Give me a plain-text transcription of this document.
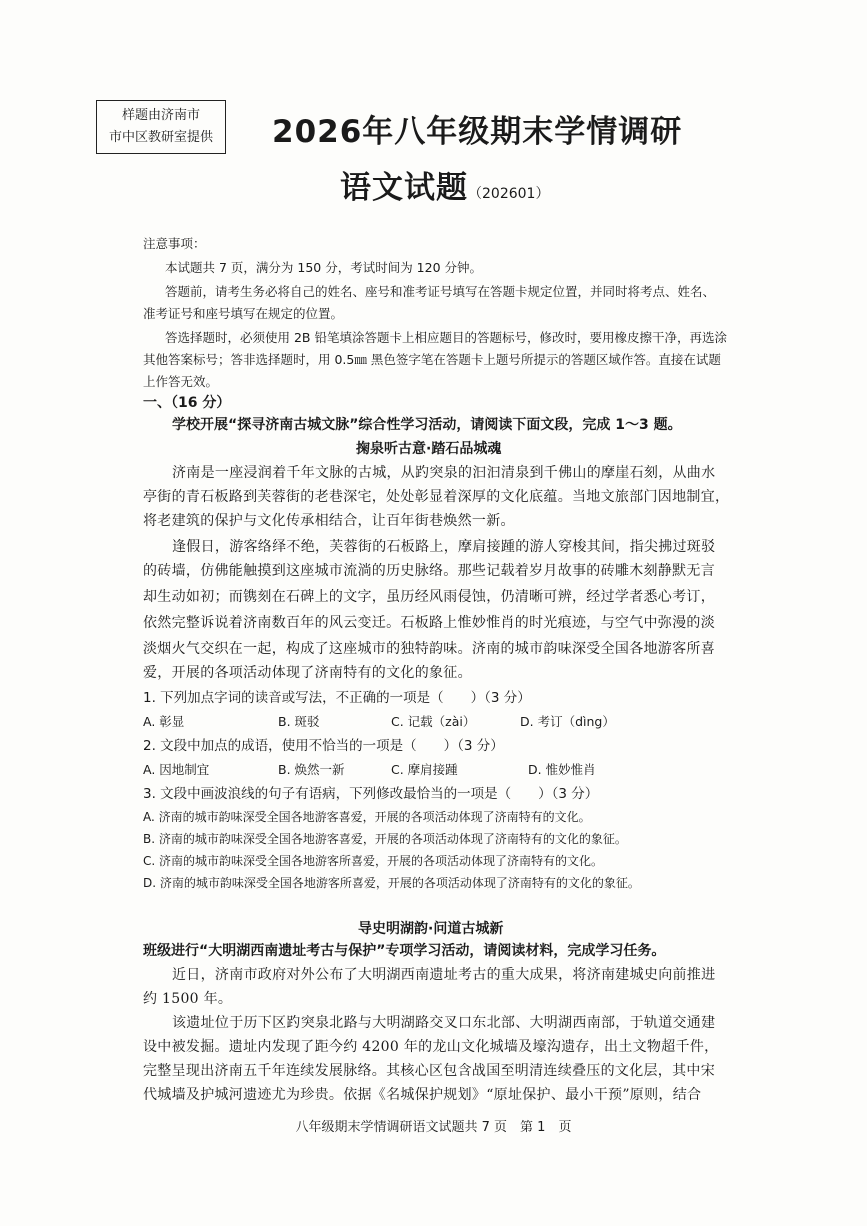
样题由济南市
市中区教研室提供	2026年八年级期末学情调研
语文试题（202601）
注意事项：
本试题共 7 页，满分为 150 分，考试时间为 120 分钟。
答题前，请考生务必将自己的姓名、座号和准考证号填写在答题卡规定位置，并同时将考点、姓名、
准考证号和座号填写在规定的位置。
答选择题时，必须使用 2B 铅笔填涂答题卡上相应题目的答题标号，修改时，要用橡皮擦干净，再选涂
其他答案标号；答非选择题时，用 0.5㎜ 黑色签字笔在答题卡上题号所提示的答题区域作答。直接在试题
上作答无效。
一、（16 分）
学校开展“探寻济南古城文脉”综合性学习活动，请阅读下面文段，完成 1～3 题。
掬泉听古意·踏石品城魂
济南是一座浸润着千年文脉的古城，从趵突泉的汩汩清泉到千佛山的摩崖石刻，从曲水
亭街的青石板路到芙蓉街的老巷深宅，处处彰显着深厚的文化底蕴。当地文旅部门因地制宜，
将老建筑的保护与文化传承相结合，让百年街巷焕然一新。
逢假日，游客络绎不绝，芙蓉街的石板路上，摩肩接踵的游人穿梭其间，指尖拂过斑驳
的砖墙，仿佛能触摸到这座城市流淌的历史脉络。那些记载着岁月故事的砖雕木刻静默无言
却生动如初；而镌刻在石碑上的文字，虽历经风雨侵蚀，仍清晰可辨，经过学者悉心考订，
依然完整诉说着济南数百年的风云变迁。石板路上惟妙惟肖的时光痕迹，与空气中弥漫的淡
淡烟火气交织在一起，构成了这座城市的独特韵味。济南的城市韵味深受全国各地游客所喜
爱，开展的各项活动体现了济南特有的文化的象征。
1. 下列加点字词的读音或写法，不正确的一项是（　　）（3 分）
A. 彰显	B. 斑驳	C. 记载（zài）	D. 考订（dìng）
2. 文段中加点的成语，使用不恰当的一项是（　　）（3 分）
A. 因地制宜	B. 焕然一新	C. 摩肩接踵	D. 惟妙惟肖
3. 文段中画波浪线的句子有语病，下列修改最恰当的一项是（　　）（3 分）
A. 济南的城市韵味深受全国各地游客喜爱，开展的各项活动体现了济南特有的文化。
B. 济南的城市韵味深受全国各地游客喜爱，开展的各项活动体现了济南特有的文化的象征。
C. 济南的城市韵味深受全国各地游客所喜爱，开展的各项活动体现了济南特有的文化。
D. 济南的城市韵味深受全国各地游客所喜爱，开展的各项活动体现了济南特有的文化的象征。
导史明湖韵·问道古城新
班级进行“大明湖西南遗址考古与保护”专项学习活动，请阅读材料，完成学习任务。
近日，济南市政府对外公布了大明湖西南遗址考古的重大成果，将济南建城史向前推进
约 1500 年。
该遗址位于历下区趵突泉北路与大明湖路交叉口东北部、大明湖西南部，于轨道交通建
设中被发掘。遗址内发现了距今约 4200 年的龙山文化城墙及壕沟遗存，出土文物超千件，
完整呈现出济南五千年连续发展脉络。其核心区包含战国至明清连续叠压的文化层，其中宋
代城墙及护城河遗迹尤为珍贵。依据《名城保护规划》“原址保护、最小干预”原则，结合
八年级期末学情调研语文试题共 7 页　第 1　页
